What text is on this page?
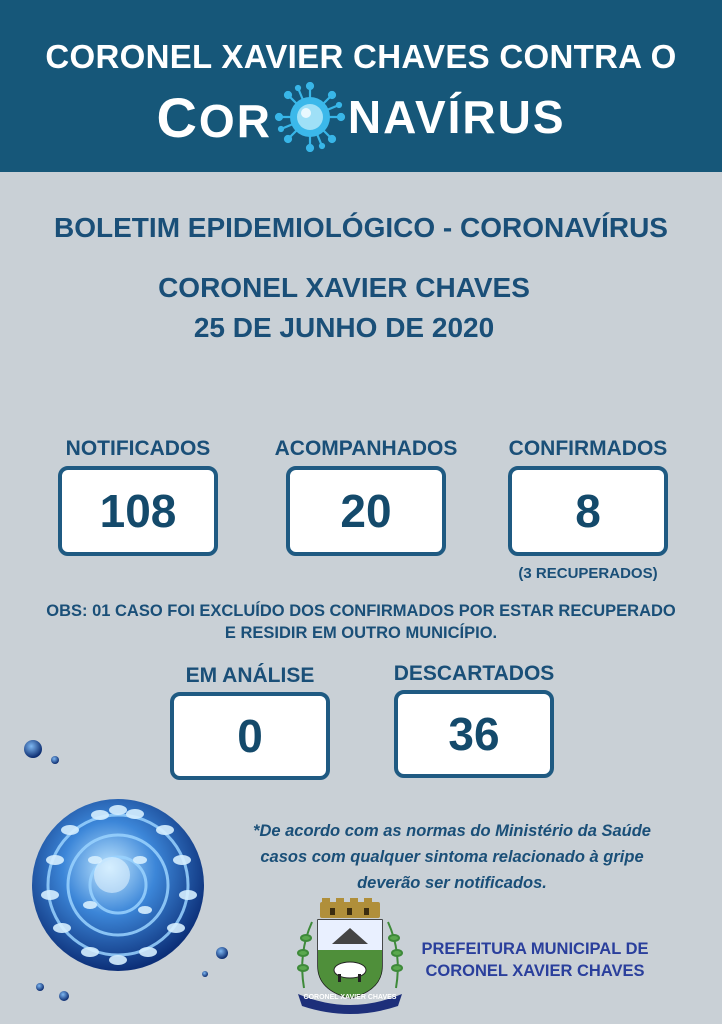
CORONEL XAVIER CHAVES CONTRA O
COR NAVÍRUS
BOLETIM EPIDEMIOLÓGICO - CORONAVÍRUS
CORONEL XAVIER CHAVES
25 DE JUNHO DE 2020
NOTIFICADOS
108
ACOMPANHADOS
20
CONFIRMADOS
8
(3 RECUPERADOS)
OBS: 01 CASO FOI EXCLUÍDO DOS CONFIRMADOS POR ESTAR RECUPERADO
E RESIDIR EM OUTRO MUNICÍPIO.
EM ANÁLISE
0
DESCARTADOS
36
*De acordo com as normas do Ministério da Saúde
casos com qualquer sintoma relacionado à gripe
deverão ser notificados.
CORONEL XAVIER CHAVES
PREFEITURA MUNICIPAL DE
CORONEL XAVIER CHAVES
